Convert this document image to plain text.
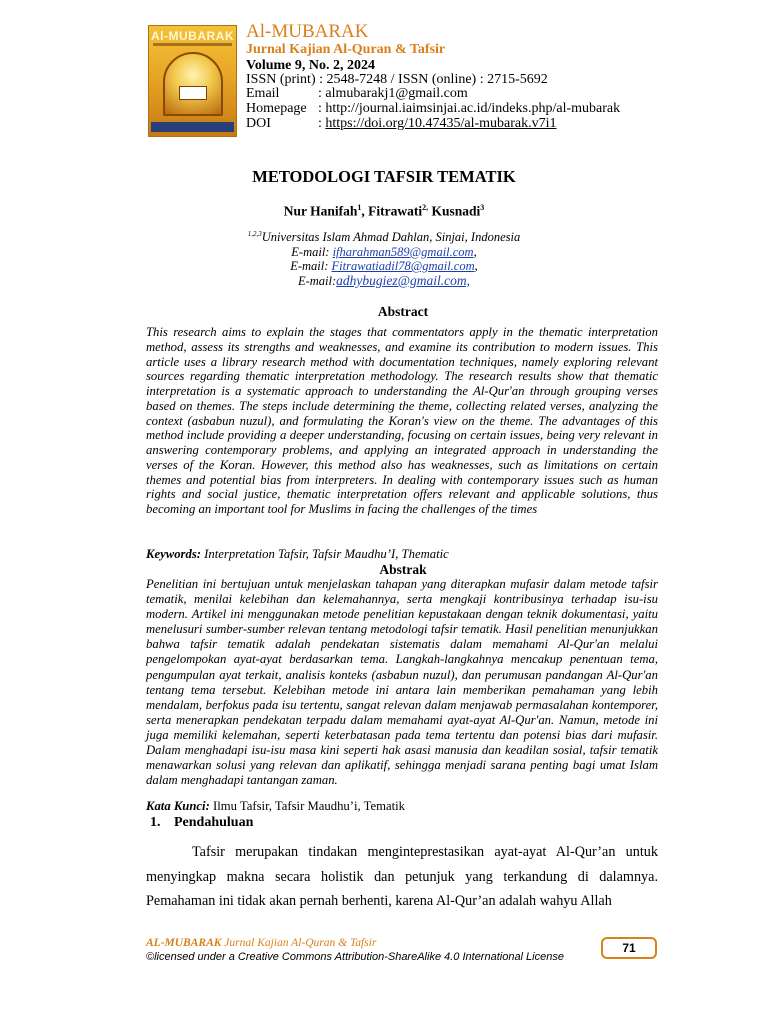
Al-MUBARAK Al-MUBARAK
Jurnal Kajian Al-Quran & Tafsir
Volume 9, No. 2, 2024
ISSN (print) : 2548-7248 / ISSN (online) : 2715-5692
Email	: almubarakj1@gmail.com
Homepage : http://journal.iaimsinjai.ac.id/indeks.php/al-mubarak
DOI	: https://doi.org/10.47435/al-mubarak.v7i1
METODOLOGI TAFSIR TEMATIK
Nur Hanifah$^1$, Fitrawati$^{2,}$ Kusnadi$^3$
$^{1,2,3}$Universitas Islam Ahmad Dahlan, Sinjai, Indonesia
E-mail: ifharahman589@gmail.com,
E-mail: Fitrawatiadil78@gmail.com,
E-mail:adhybugiez@gmail.com,
Abstract
This research aims to explain the stages that commentators apply in the thematic interpretation method, assess its strengths and weaknesses, and examine its contribution to modern issues. This article uses a library research method with documentation techniques, namely exploring relevant sources regarding thematic interpretation methodology. The research results show that thematic interpretation is a systematic approach to understanding the Al-Qur'an through grouping verses based on themes. The steps include determining the theme, collecting related verses, analyzing the context (asbabun nuzul), and formulating the Koran's view on the theme. The advantages of this method include providing a deeper understanding, focusing on certain issues, being very relevant in answering contemporary problems, and applying an integrated approach in understanding the verses of the Koran. However, this method also has weaknesses, such as limitations on certain themes and potential bias from interpreters. In dealing with contemporary issues such as human rights and social justice, thematic interpretation offers relevant and applicable solutions, thus becoming an important tool for Muslims in facing the challenges of the times
Keywords: Interpretation Tafsir, Tafsir Maudhu’I, Thematic
Abstrak
Penelitian ini bertujuan untuk menjelaskan tahapan yang diterapkan mufasir dalam metode tafsir tematik, menilai kelebihan dan kelemahannya, serta mengkaji kontribusinya terhadap isu-isu modern. Artikel ini menggunakan metode penelitian kepustakaan dengan teknik dokumentasi, yaitu menelusuri sumber-sumber relevan tentang metodologi tafsir tematik. Hasil penelitian menunjukkan bahwa tafsir tematik adalah pendekatan sistematis dalam memahami Al-Qur'an melalui pengelompokan ayat-ayat berdasarkan tema. Langkah-langkahnya mencakup penentuan tema, pengumpulan ayat terkait, analisis konteks (asbabun nuzul), dan perumusan pandangan Al-Qur'an tentang tema tersebut. Kelebihan metode ini antara lain memberikan pemahaman yang lebih mendalam, berfokus pada isu tertentu, sangat relevan dalam menjawab permasalahan kontemporer, serta menerapkan pendekatan terpadu dalam memahami ayat-ayat Al-Qur'an. Namun, metode ini juga memiliki kelemahan, seperti keterbatasan pada tema tertentu dan potensi bias dari mufasir. Dalam menghadapi isu-isu masa kini seperti hak asasi manusia dan keadilan sosial, tafsir tematik menawarkan solusi yang relevan dan aplikatif, sehingga menjadi sarana penting bagi umat Islam dalam menghadapi tantangan zaman.
Kata Kunci: Ilmu Tafsir, Tafsir Maudhu’i, Tematik
1. Pendahuluan
Tafsir merupakan tindakan menginteprestasikan ayat-ayat Al-Qur’an untuk menyingkap makna secara holistik dan petunjuk yang terkandung di dalamnya. Pemahaman ini tidak akan pernah berhenti, karena Al-Qur’an adalah wahyu Allah
AL-MUBARAK Jurnal Kajian Al-Quran & Tafsir
©licensed under a Creative Commons Attribution-ShareAlike 4.0 International License
71
